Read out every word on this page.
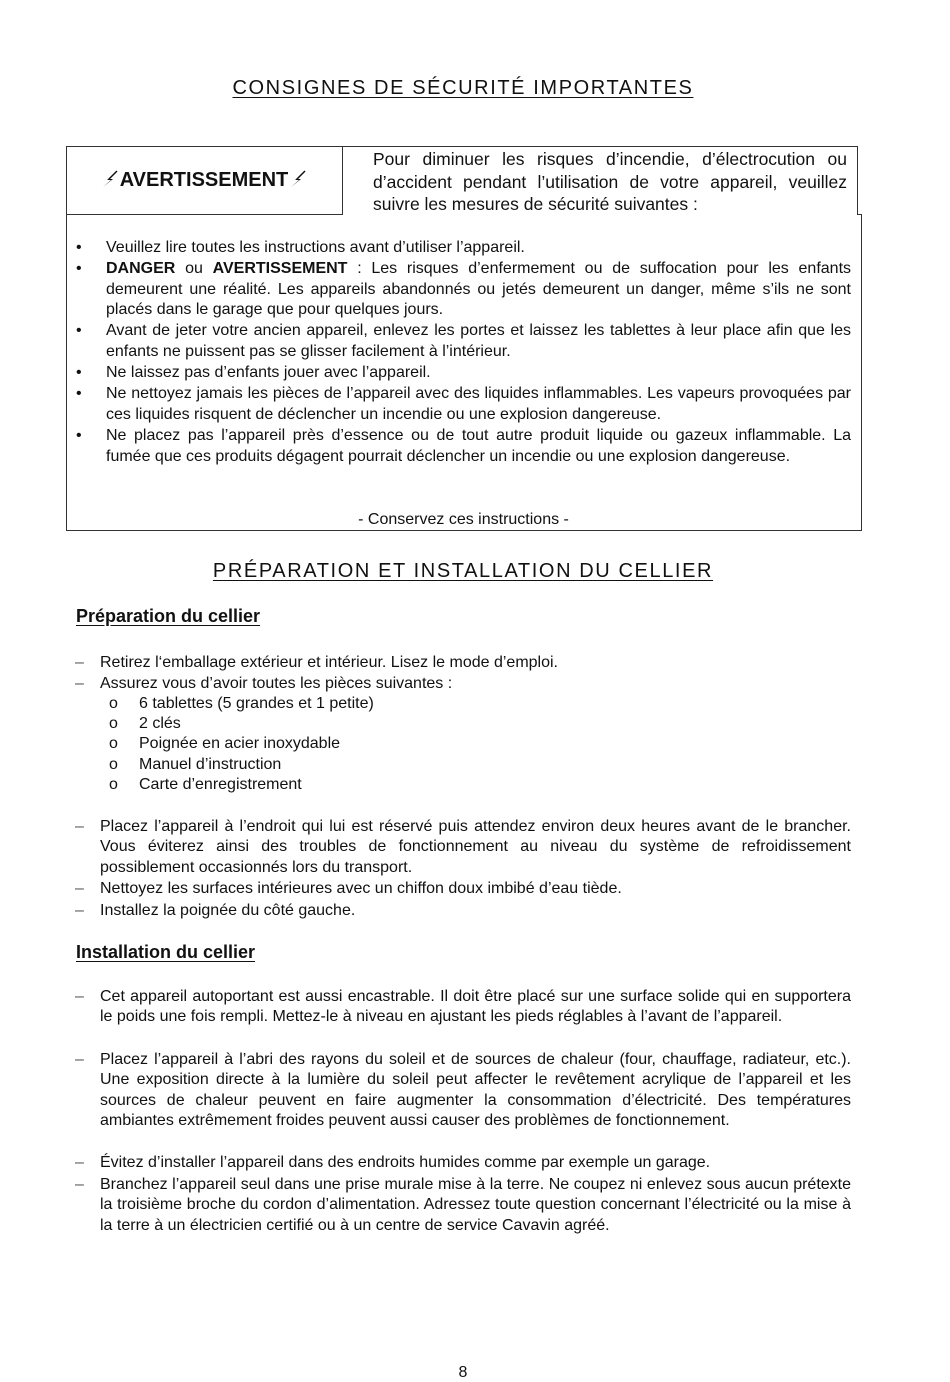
CONSIGNES DE SÉCURITÉ IMPORTANTES
AVERTISSEMENT
Pour diminuer les risques d’incendie, d’électrocution ou d’accident pendant l’utilisation de votre appareil, veuillez suivre les mesures de sécurité suivantes :
• Veuillez lire toutes les instructions avant d’utiliser l’appareil.
• DANGER ou AVERTISSEMENT : Les risques d’enfermement ou de suffocation pour les enfants demeurent une réalité. Les appareils abandonnés ou jetés demeurent un danger, même s’ils ne sont placés dans le garage que pour quelques jours.
• Avant de jeter votre ancien appareil, enlevez les portes et laissez les tablettes à leur place afin que les enfants ne puissent pas se glisser facilement à l’intérieur.
• Ne laissez pas d’enfants jouer avec l’appareil.
• Ne nettoyez jamais les pièces de l’appareil avec des liquides inflammables. Les vapeurs provoquées par ces liquides risquent de déclencher un incendie ou une explosion dangereuse.
• Ne placez pas l’appareil près d’essence ou de tout autre produit liquide ou gazeux inflammable. La fumée que ces produits dégagent pourrait déclencher un incendie ou une explosion dangereuse.
- Conservez ces instructions -
PRÉPARATION ET INSTALLATION DU CELLIER
Préparation du cellier
– Retirez l‘emballage extérieur et intérieur. Lisez le mode d’emploi.
– Assurez vous d’avoir toutes les pièces suivantes :
o 6 tablettes (5 grandes et 1 petite)
o 2 clés
o Poignée en acier inoxydable
o Manuel d’instruction
o Carte d’enregistrement
– Placez l’appareil à l’endroit qui lui est réservé puis attendez environ deux heures avant de le brancher. Vous éviterez ainsi des troubles de fonctionnement au niveau du système de refroidissement possiblement occasionnés lors du transport.
– Nettoyez les surfaces intérieures avec un chiffon doux imbibé d’eau tiède.
– Installez la poignée du côté gauche.
Installation du cellier
– Cet appareil autoportant est aussi encastrable. Il doit être placé sur une surface solide qui en supportera le poids une fois rempli. Mettez-le à niveau en ajustant les pieds réglables à l’avant de l’appareil.
– Placez l’appareil à l’abri des rayons du soleil et de sources de chaleur (four, chauffage, radiateur, etc.). Une exposition directe à la lumière du soleil peut affecter le revêtement acrylique de l’appareil et les sources de chaleur peuvent en faire augmenter la consommation d’électricité. Des températures ambiantes extrêmement froides peuvent aussi causer des problèmes de fonctionnement.
– Évitez d’installer l’appareil dans des endroits humides comme par exemple un garage.
– Branchez l’appareil seul dans une prise murale mise à la terre. Ne coupez ni enlevez sous aucun prétexte la troisième broche du cordon d’alimentation. Adressez toute question concernant l’électricité ou la mise à la terre à un électricien certifié ou à un centre de service Cavavin agréé.
8
